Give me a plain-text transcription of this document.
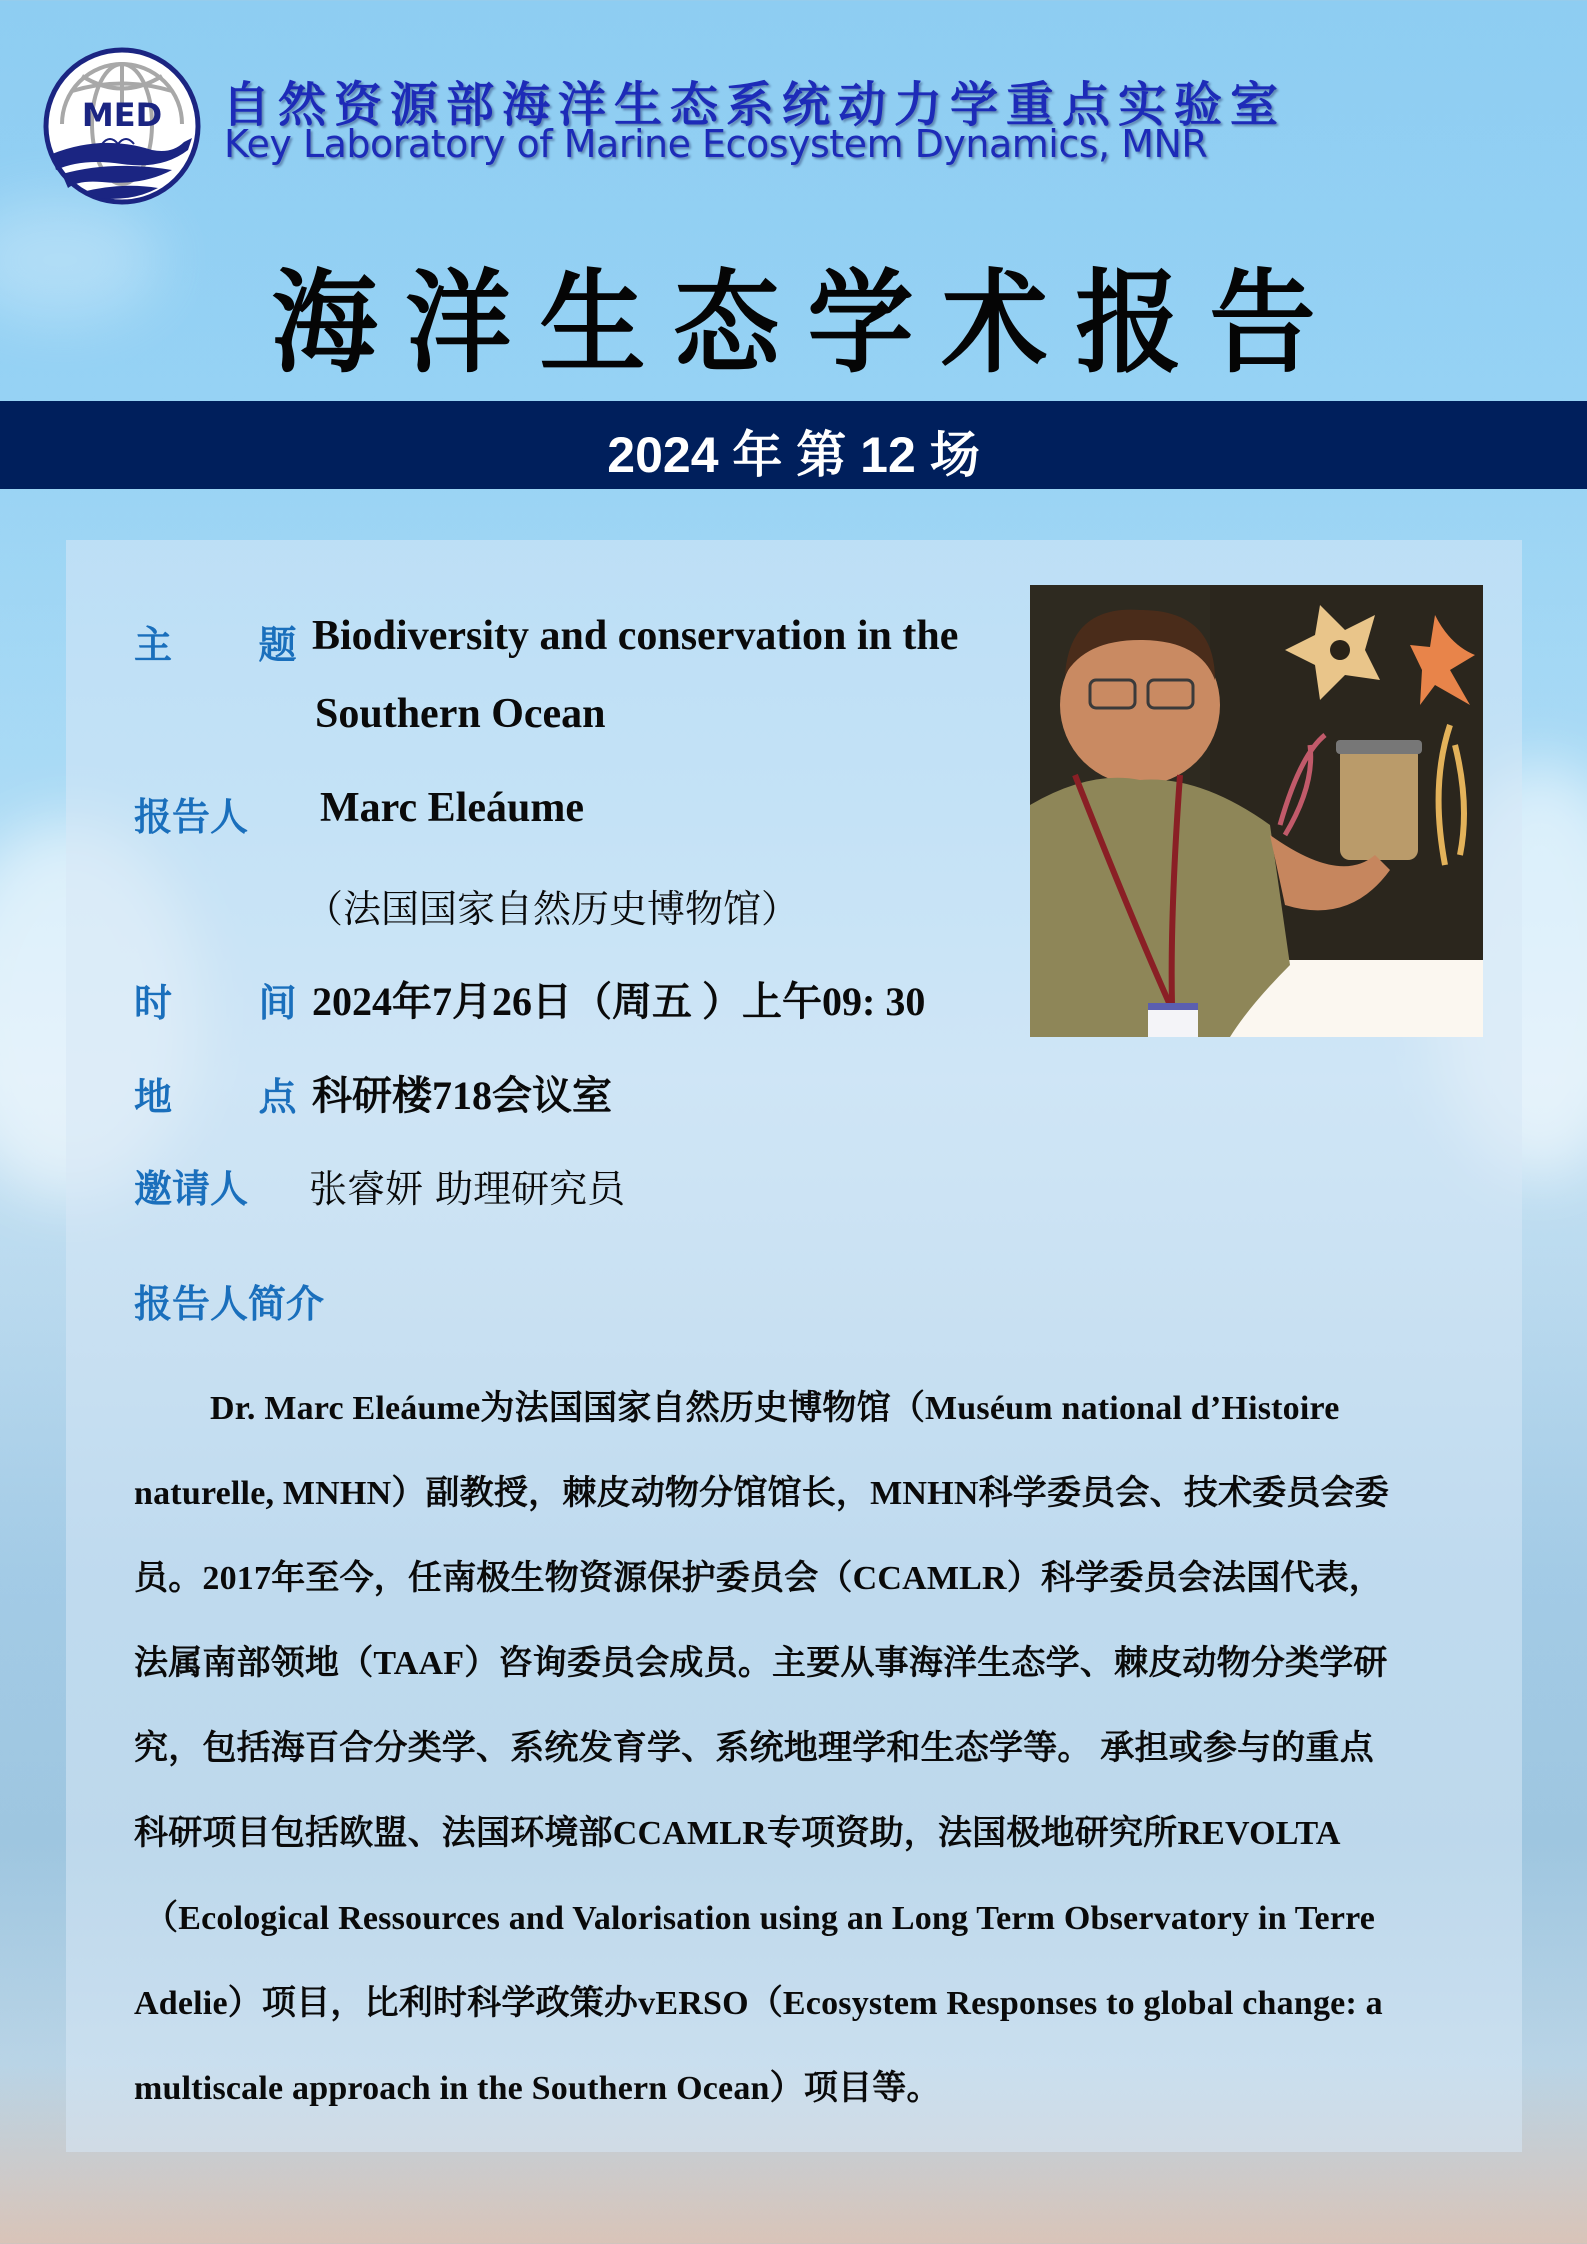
MED 自然资源部海洋生态系统动力学重点实验室
Key Laboratory of Marine Ecosystem Dynamics, MNR
海洋生态学术报告
2024 年 第 12 场
主  题 Biodiversity and conservation in the
Southern Ocean
报告人 Marc Eleáume
（法国国家自然历史博物馆）
时  间 2024年7月26日（周五 ）上午09: 30
地  点 科研楼718会议室
邀请人 张睿妍 助理研究员
报告人简介
Dr. Marc Eleáume为法国国家自然历史博物馆（Muséum national d’Histoire
naturelle, MNHN）副教授，棘皮动物分馆馆长，MNHN科学委员会、技术委员会委
员。2017年至今，任南极生物资源保护委员会（CCAMLR）科学委员会法国代表，
法属南部领地（TAAF）咨询委员会成员。主要从事海洋生态学、棘皮动物分类学研
究，包括海百合分类学、系统发育学、系统地理学和生态学等。 承担或参与的重点
科研项目包括欧盟、法国环境部CCAMLR专项资助，法国极地研究所REVOLTA
（Ecological Ressources and Valorisation using an Long Term Observatory in Terre
Adelie）项目，比利时科学政策办vERSO（Ecosystem Responses to global change: a
multiscale approach in the Southern Ocean）项目等。
